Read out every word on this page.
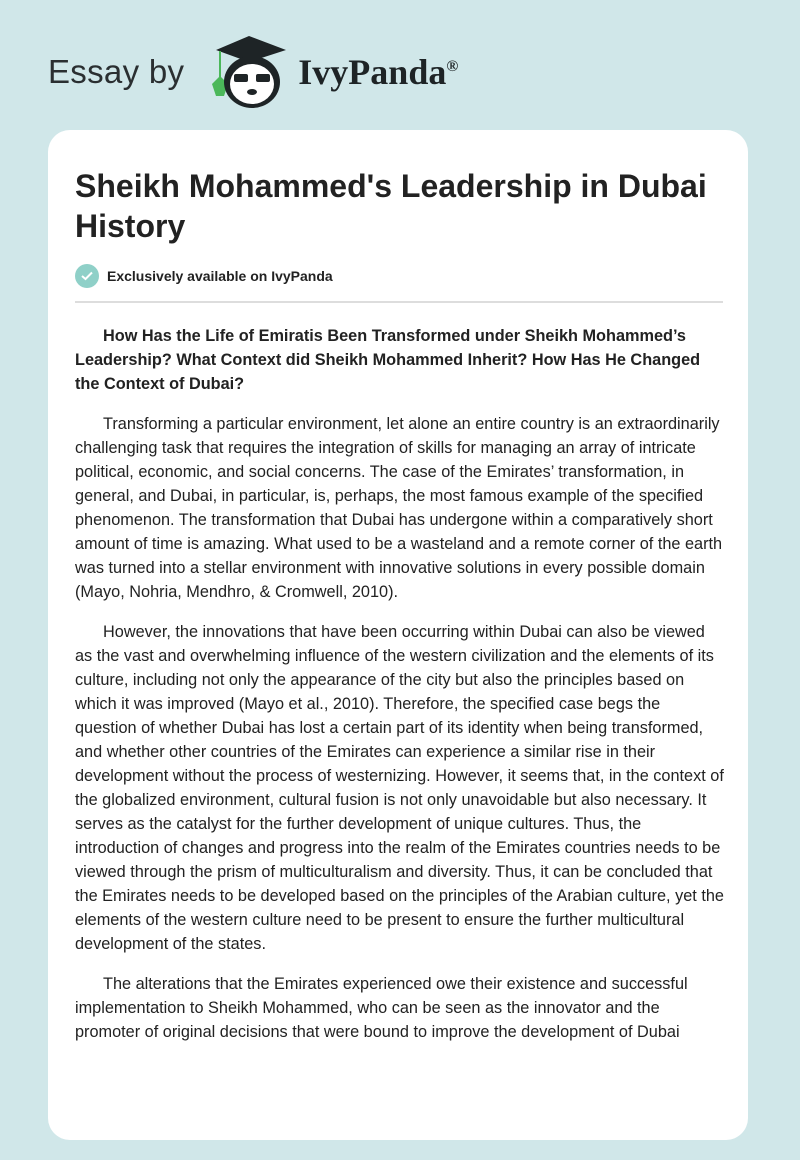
Essay by	IvyPanda®
Sheikh Mohammed's Leadership in Dubai History
Exclusively available on IvyPanda

How Has the Life of Emiratis Been Transformed under Sheikh Mohammed’s Leadership? What Context did Sheikh Mohammed Inherit? How Has He Changed the Context of Dubai?

Transforming a particular environment, let alone an entire country is an extraordinarily challenging task that requires the integration of skills for managing an array of intricate political, economic, and social concerns. The case of the Emirates’ transformation, in general, and Dubai, in particular, is, perhaps, the most famous example of the specified phenomenon. The transformation that Dubai has undergone within a comparatively short amount of time is amazing. What used to be a wasteland and a remote corner of the earth was turned into a stellar environment with innovative solutions in every possible domain (Mayo, Nohria, Mendhro, & Cromwell, 2010).

However, the innovations that have been occurring within Dubai can also be viewed as the vast and overwhelming influence of the western civilization and the elements of its culture, including not only the appearance of the city but also the principles based on which it was improved (Mayo et al., 2010). Therefore, the specified case begs the question of whether Dubai has lost a certain part of its identity when being transformed, and whether other countries of the Emirates can experience a similar rise in their development without the process of westernizing. However, it seems that, in the context of the globalized environment, cultural fusion is not only unavoidable but also necessary. It serves as the catalyst for the further development of unique cultures. Thus, the introduction of changes and progress into the realm of the Emirates countries needs to be viewed through the prism of multiculturalism and diversity. Thus, it can be concluded that the Emirates needs to be developed based on the principles of the Arabian culture, yet the elements of the western culture need to be present to ensure the further multicultural development of the states.

The alterations that the Emirates experienced owe their existence and successful implementation to Sheikh Mohammed, who can be seen as the innovator and the promoter of original decisions that were bound to improve the development of Dubai
